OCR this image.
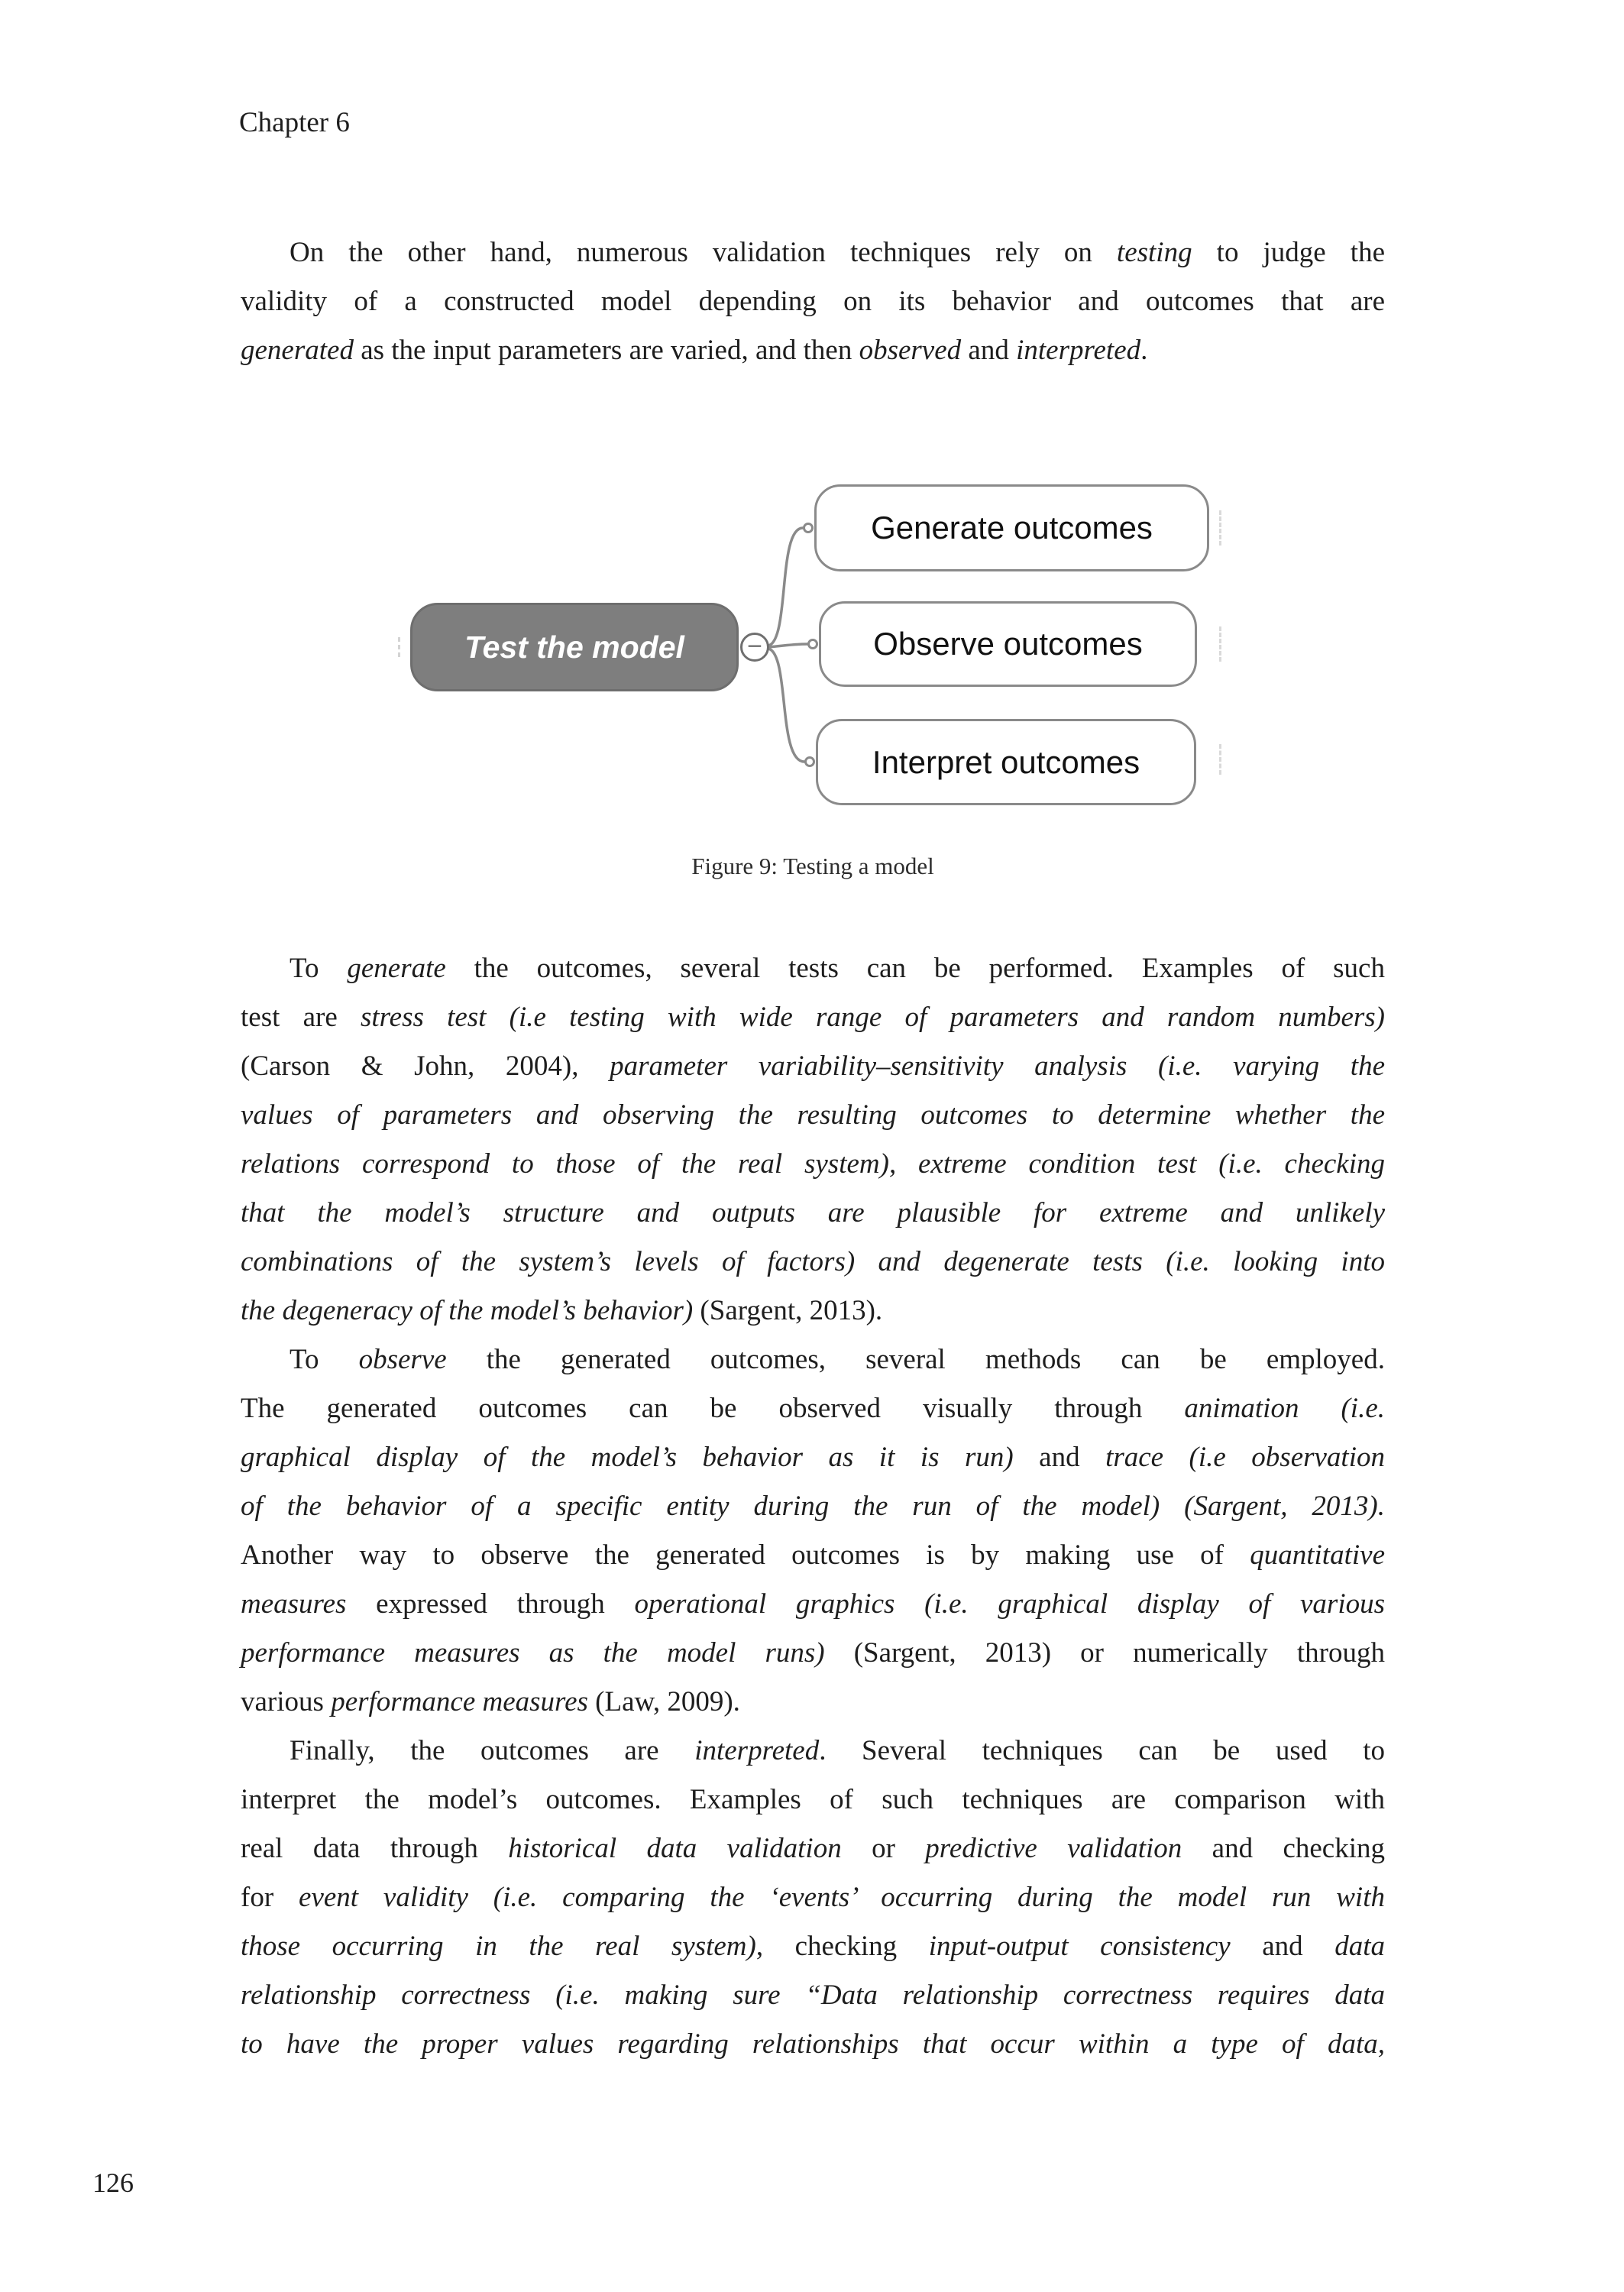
Chapter 6
On the other hand, numerous validation techniques rely on testing to judge the
validity of a constructed model depending on its behavior and outcomes that are
generated as the input parameters are varied, and then observed and interpreted.
Test the model −
Generate outcomes
Observe outcomes
Interpret outcomes
Figure 9: Testing a model
To generate the outcomes, several tests can be performed. Examples of such
test are stress test (i.e testing with wide range of parameters and random numbers)
(Carson & John, 2004), parameter variability–sensitivity analysis (i.e. varying the
values of parameters and observing the resulting outcomes to determine whether the
relations correspond to those of the real system), extreme condition test (i.e. checking
that the model’s structure and outputs are plausible for extreme and unlikely
combinations of the system’s levels of factors) and degenerate tests (i.e. looking into
the degeneracy of the model’s behavior) (Sargent, 2013).
To observe the generated outcomes, several methods can be employed.
The generated outcomes can be observed visually through animation (i.e.
graphical display of the model’s behavior as it is run) and trace (i.e observation
of the behavior of a specific entity during the run of the model) (Sargent, 2013).
Another way to observe the generated outcomes is by making use of quantitative
measures expressed through operational graphics (i.e. graphical display of various
performance measures as the model runs) (Sargent, 2013) or numerically through
various performance measures (Law, 2009).
Finally, the outcomes are interpreted. Several techniques can be used to
interpret the model’s outcomes. Examples of such techniques are comparison with
real data through historical data validation or predictive validation and checking
for event validity (i.e. comparing the ‘events’ occurring during the model run with
those occurring in the real system), checking input-output consistency and data
relationship correctness (i.e. making sure “Data relationship correctness requires data
to have the proper values regarding relationships that occur within a type of data,
126
